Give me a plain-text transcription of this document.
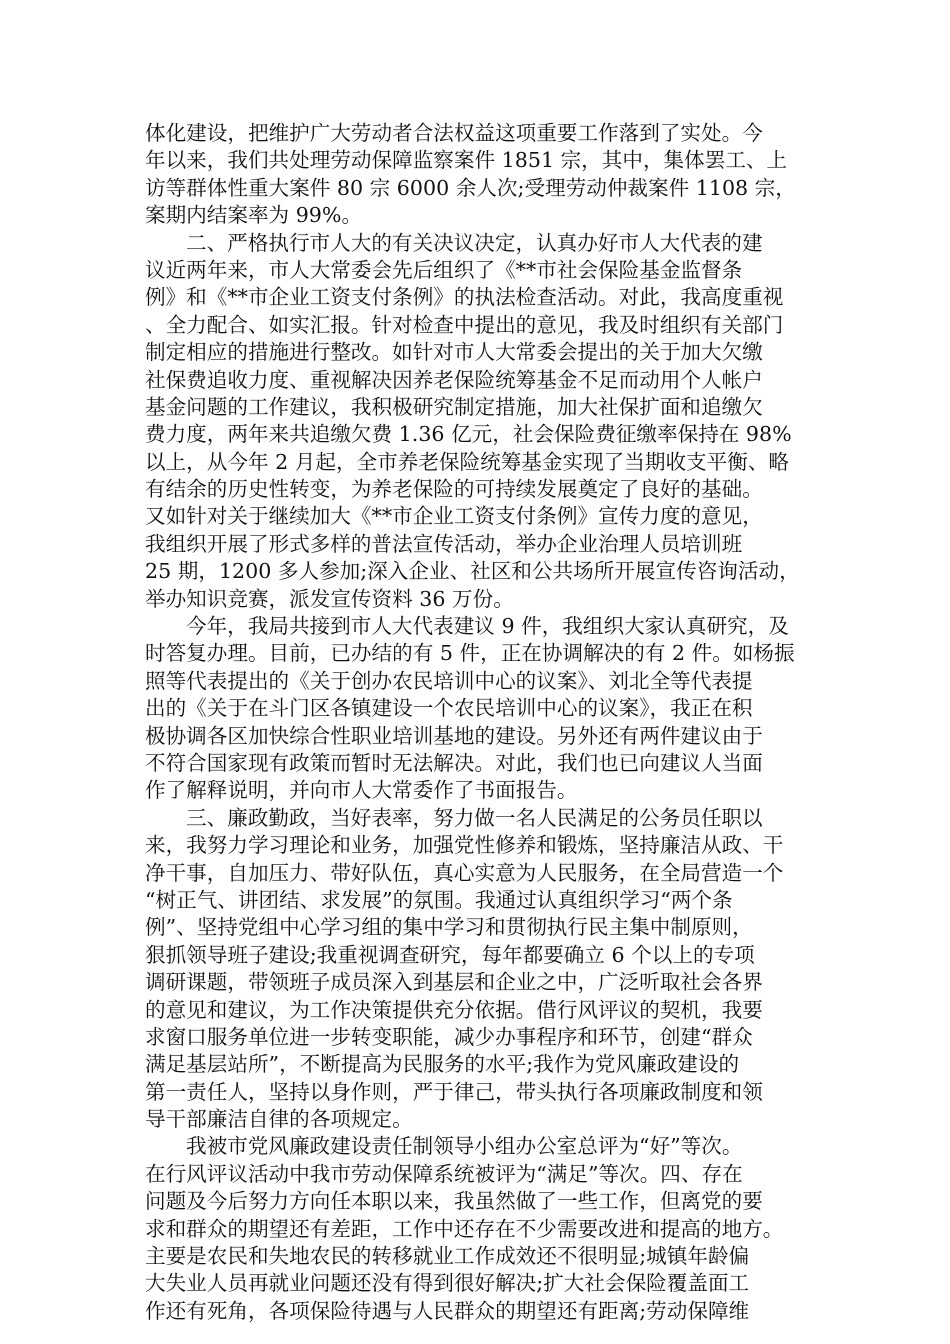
体化建设，把维护广大劳动者合法权益这项重要工作落到了实处。今
年以来，我们共处理劳动保障监察案件 1851 宗，其中，集体罢工、上
访等群体性重大案件 80 宗 6000 余人次;受理劳动仲裁案件 1108 宗，
案期内结案率为 99%。
二、严格执行市人大的有关决议决定，认真办好市人大代表的建
议近两年来，市人大常委会先后组织了《**市社会保险基金监督条
例》和《**市企业工资支付条例》的执法检查活动。对此，我高度重视
、全力配合、如实汇报。针对检查中提出的意见，我及时组织有关部门
制定相应的措施进行整改。如针对市人大常委会提出的关于加大欠缴
社保费追收力度、重视解决因养老保险统筹基金不足而动用个人帐户
基金问题的工作建议，我积极研究制定措施，加大社保扩面和追缴欠
费力度，两年来共追缴欠费 1.36 亿元，社会保险费征缴率保持在 98%
以上，从今年 2 月起，全市养老保险统筹基金实现了当期收支平衡、略
有结余的历史性转变，为养老保险的可持续发展奠定了良好的基础。
又如针对关于继续加大《**市企业工资支付条例》宣传力度的意见，
我组织开展了形式多样的普法宣传活动，举办企业治理人员培训班
25 期，1200 多人参加;深入企业、社区和公共场所开展宣传咨询活动，
举办知识竞赛，派发宣传资料 36 万份。
今年，我局共接到市人大代表建议 9 件，我组织大家认真研究，及
时答复办理。目前，已办结的有 5 件，正在协调解决的有 2 件。如杨振
照等代表提出的《关于创办农民培训中心的议案》、刘北全等代表提
出的《关于在斗门区各镇建设一个农民培训中心的议案》，我正在积
极协调各区加快综合性职业培训基地的建设。另外还有两件建议由于
不符合国家现有政策而暂时无法解决。对此，我们也已向建议人当面
作了解释说明，并向市人大常委作了书面报告。
三、廉政勤政，当好表率，努力做一名人民满足的公务员任职以
来，我努力学习理论和业务，加强党性修养和锻炼，坚持廉洁从政、干
净干事，自加压力、带好队伍，真心实意为人民服务，在全局营造一个
“树正气、讲团结、求发展”的氛围。我通过认真组织学习“两个条
例”、坚持党组中心学习组的集中学习和贯彻执行民主集中制原则，
狠抓领导班子建设;我重视调查研究，每年都要确立 6 个以上的专项
调研课题，带领班子成员深入到基层和企业之中，广泛听取社会各界
的意见和建议，为工作决策提供充分依据。借行风评议的契机，我要
求窗口服务单位进一步转变职能，减少办事程序和环节，创建“群众
满足基层站所”，不断提高为民服务的水平;我作为党风廉政建设的
第一责任人，坚持以身作则，严于律己，带头执行各项廉政制度和领
导干部廉洁自律的各项规定。
我被市党风廉政建设责任制领导小组办公室总评为“好”等次。
在行风评议活动中我市劳动保障系统被评为“满足”等次。四、存在
问题及今后努力方向任本职以来，我虽然做了一些工作，但离党的要
求和群众的期望还有差距，工作中还存在不少需要改进和提高的地方。
主要是农民和失地农民的转移就业工作成效还不很明显;城镇年龄偏
大失业人员再就业问题还没有得到很好解决;扩大社会保险覆盖面工
作还有死角，各项保险待遇与人民群众的期望还有距离;劳动保障维
